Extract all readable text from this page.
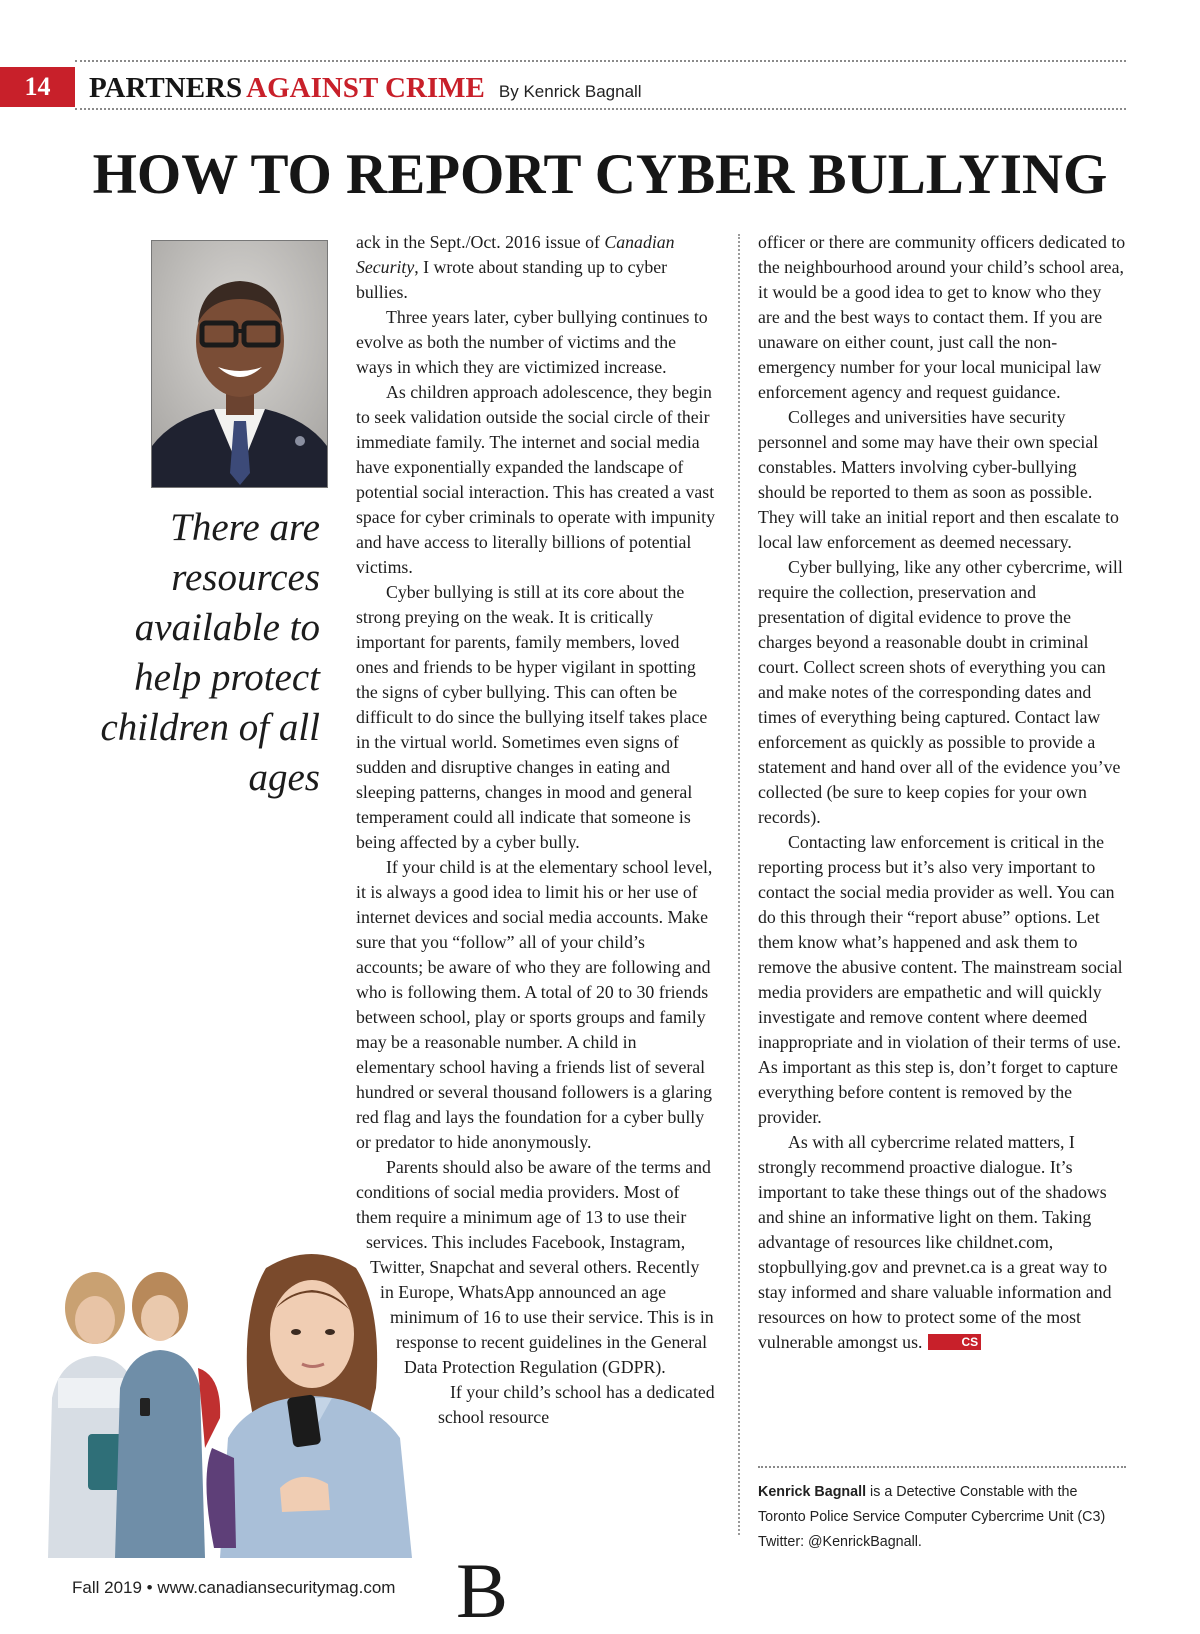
14	PARTNERS AGAINST CRIME By Kenrick Bagnall
HOW TO REPORT CYBER BULLYING
There are resources available to help protect children of all ages

B
ack in the Sept./Oct. 2016 issue of Canadian Security, I wrote about standing up to cyber bullies.

Three years later, cyber bullying continues to evolve as both the number of victims and the ways in which they are victimized increase.

As children approach adolescence, they begin to seek validation outside the social circle of their immediate family. The internet and social media have exponentially expanded the landscape of potential social interaction. This has created a vast space for cyber criminals to operate with impunity and have access to literally billions of potential victims.

Cyber bullying is still at its core about the strong preying on the weak. It is critically important for parents, family members, loved ones and friends to be hyper vigilant in spotting the signs of cyber bullying. This can often be difficult to do since the bullying itself takes place in the virtual world. Sometimes even signs of sudden and disruptive changes in eating and sleeping patterns, changes in mood and general temperament could all indicate that someone is being affected by a cyber bully.

If your child is at the elementary school level, it is always a good idea to limit his or her use of internet devices and social media accounts. Make sure that you “follow” all of your child’s accounts; be aware of who they are following and who is following them. A total of 20 to 30 friends between school, play or sports groups and family may be a reasonable number. A child in elementary school having a friends list of several hundred or several thousand followers is a glaring red flag and lays the foundation for a cyber bully or predator to hide anonymously.

Parents should also be aware of the terms and conditions of social media providers. Most of them require a minimum age of 13 to use their services. This includes Facebook, Instagram, Twitter, Snapchat and several others. Recently in Europe, WhatsApp announced an age minimum of 16 to use their service. This is in response to recent guidelines in the General Data Protection Regulation (GDPR).

If your child’s school has a dedicated school resource

officer or there are community officers dedicated to the neighbourhood around your child’s school area, it would be a good idea to get to know who they are and the best ways to contact them. If you are unaware on either count, just call the non-emergency number for your local municipal law enforcement agency and request guidance.

Colleges and universities have security personnel and some may have their own special constables. Matters involving cyber-bullying should be reported to them as soon as possible. They will take an initial report and then escalate to local law enforcement as deemed necessary.

Cyber bullying, like any other cybercrime, will require the collection, preservation and presentation of digital evidence to prove the charges beyond a reasonable doubt in criminal court. Collect screen shots of everything you can and make notes of the corresponding dates and times of everything being captured. Contact law enforcement as quickly as possible to provide a statement and hand over all of the evidence you’ve collected (be sure to keep copies for your own records).

Contacting law enforcement is critical in the reporting process but it’s also very important to contact the social media provider as well. You can do this through their “report abuse” options. Let them know what’s happened and ask them to remove the abusive content. The mainstream social media providers are empathetic and will quickly investigate and remove content where deemed inappropriate and in violation of their terms of use. As important as this step is, don’t forget to capture everything before content is removed by the provider.

As with all cybercrime related matters, I strongly recommend proactive dialogue. It’s important to take these things out of the shadows and shine an informative light on them. Taking advantage of resources like childnet.com, stopbullying.gov and prevnet.ca is a great way to stay informed and share valuable information and resources on how to protect some of the most vulnerable amongst us.	CS

Kenrick Bagnall is a Detective Constable with the
Toronto Police Service Computer Cybercrime Unit (C3)
Twitter: @KenrickBagnall.
Fall 2019 • www.canadiansecuritymag.com
